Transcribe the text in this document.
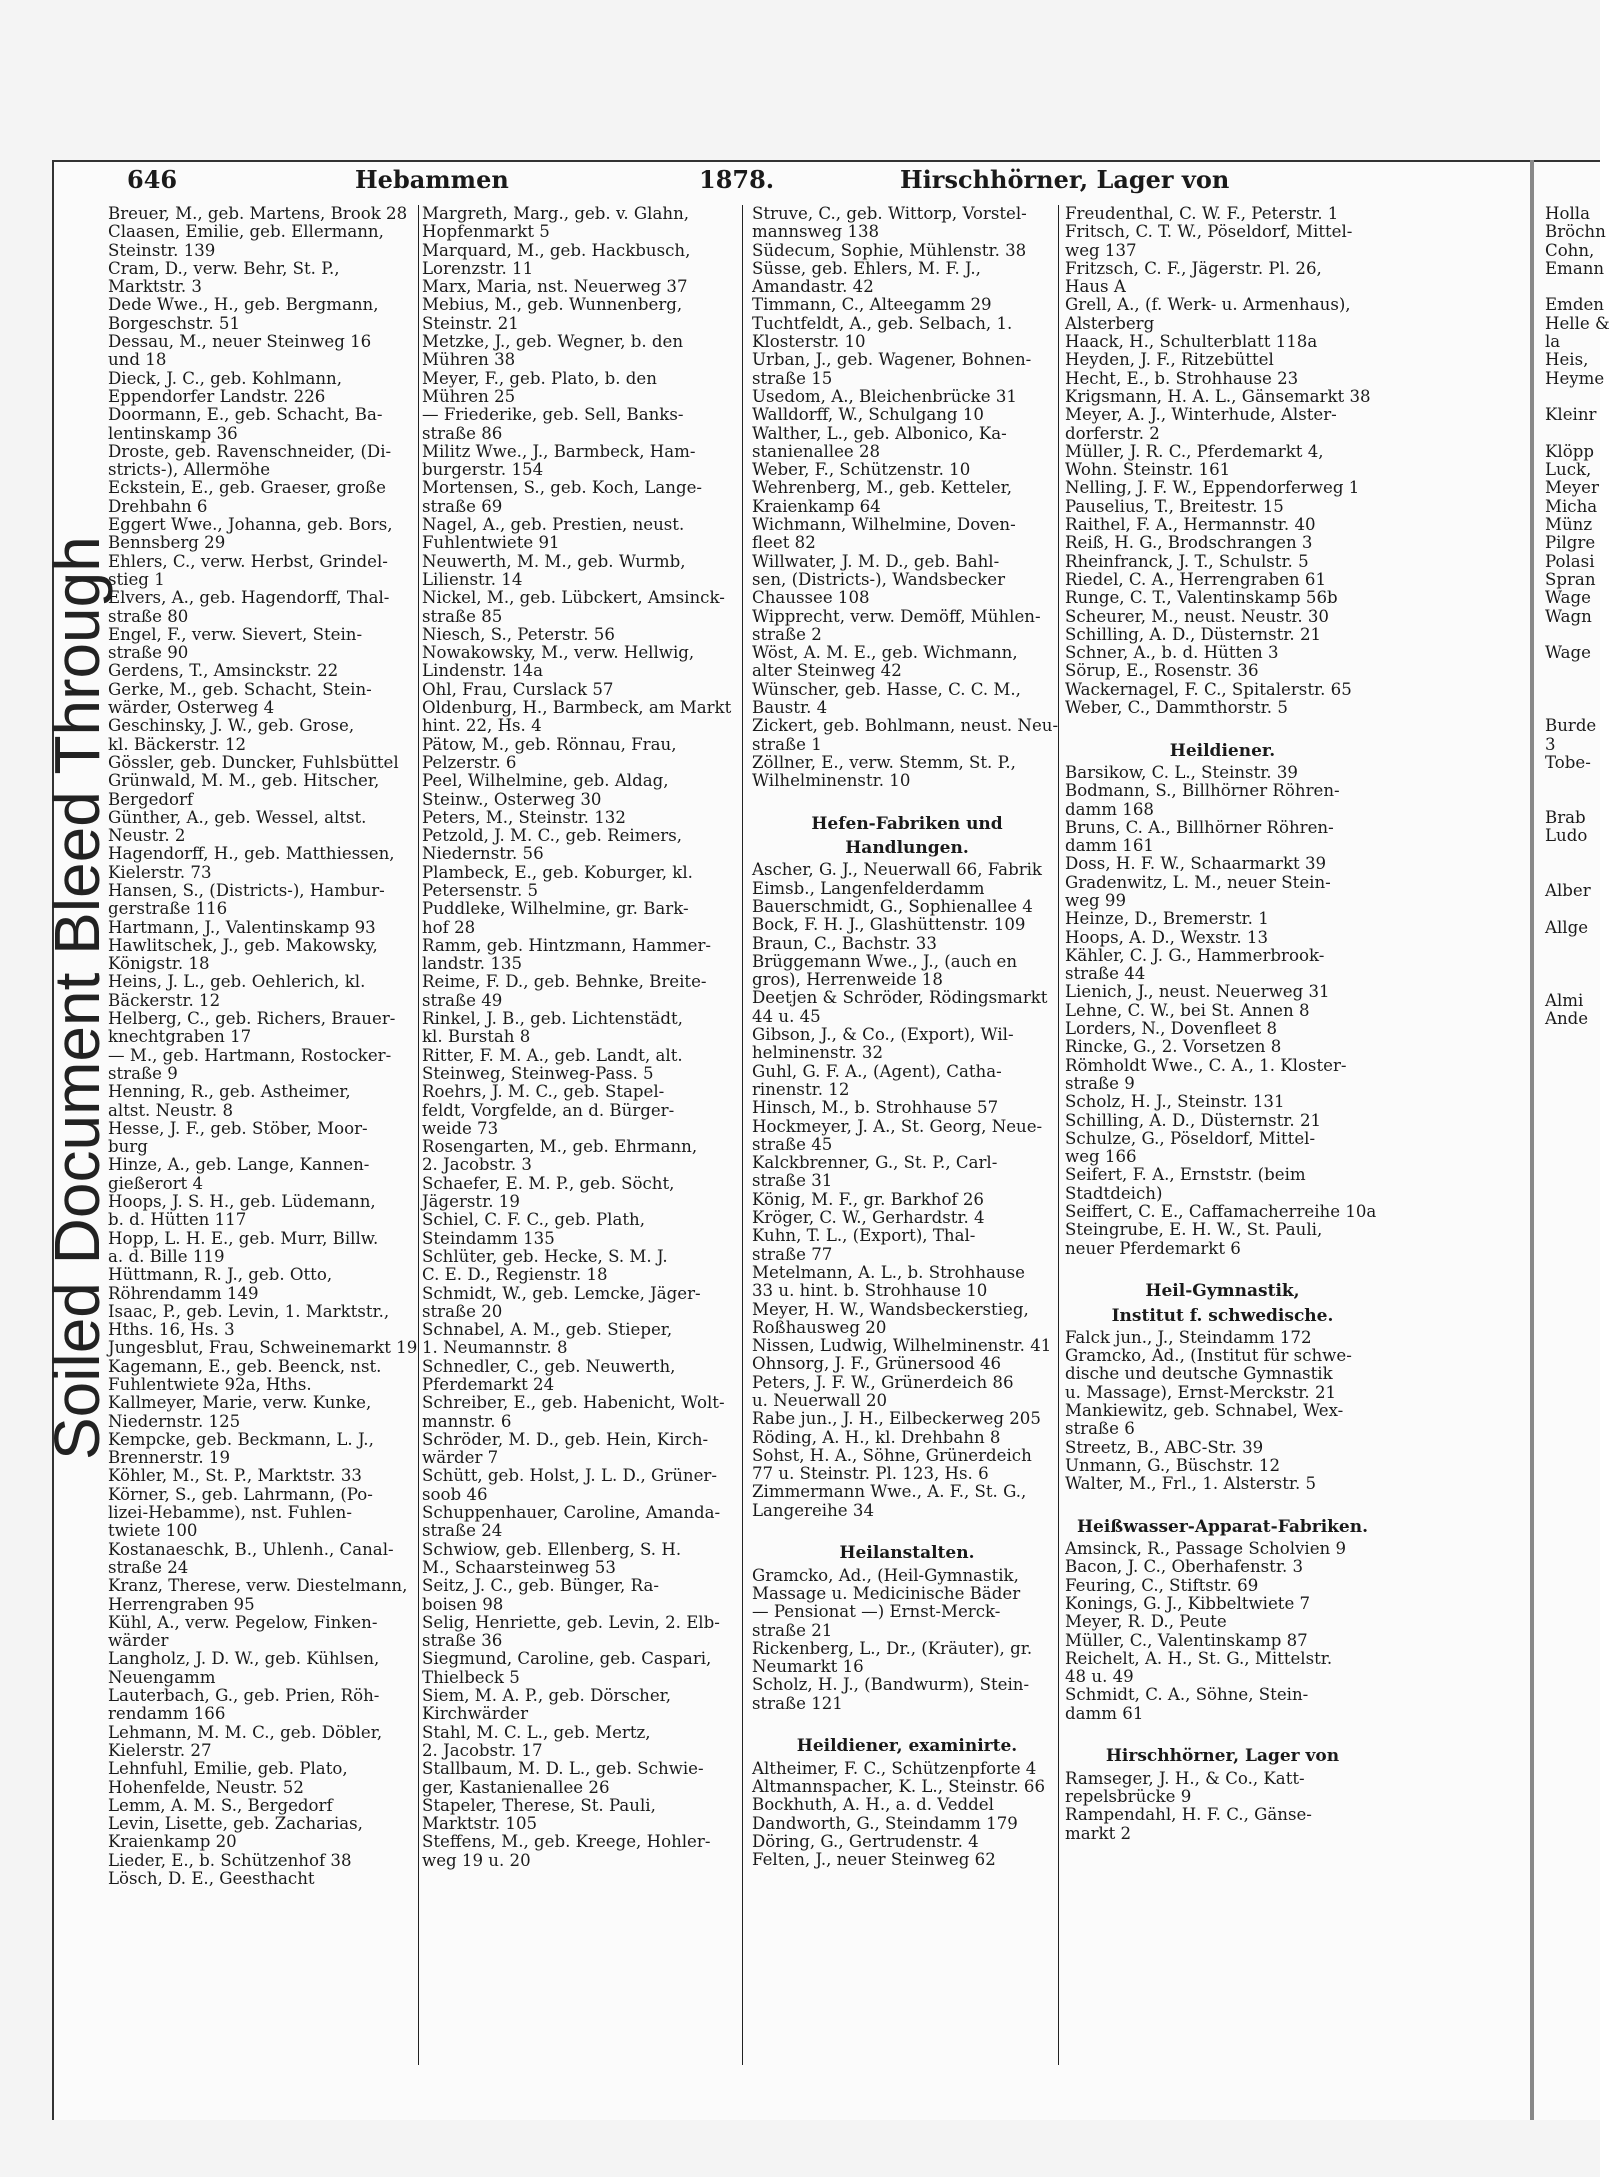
Soiled Document Bleed Through
646	Hebammen	1878.	Hirschhörner, Lager von
Breuer, M., geb. Martens, Brook 28
Claasen, Emilie, geb. Ellermann,
Steinstr. 139
Cram, D., verw. Behr, St. P.,
Marktstr. 3
Dede Wwe., H., geb. Bergmann,
Borgeschstr. 51
Dessau, M., neuer Steinweg 16
und 18
Dieck, J. C., geb. Kohlmann,
Eppendorfer Landstr. 226
Doormann, E., geb. Schacht, Ba-
lentinskamp 36
Droste, geb. Ravenschneider, (Di-
stricts-), Allermöhe
Eckstein, E., geb. Graeser, große
Drehbahn 6
Eggert Wwe., Johanna, geb. Bors,
Bennsberg 29
Ehlers, C., verw. Herbst, Grindel-
stieg 1
Elvers, A., geb. Hagendorff, Thal-
straße 80
Engel, F., verw. Sievert, Stein-
straße 90
Gerdens, T., Amsinckstr. 22
Gerke, M., geb. Schacht, Stein-
wärder, Osterweg 4
Geschinsky, J. W., geb. Grose,
kl. Bäckerstr. 12
Gössler, geb. Duncker, Fuhlsbüttel
Grünwald, M. M., geb. Hitscher,
Bergedorf
Günther, A., geb. Wessel, altst.
Neustr. 2
Hagendorff, H., geb. Matthiessen,
Kielerstr. 73
Hansen, S., (Districts-), Hambur-
gerstraße 116
Hartmann, J., Valentinskamp 93
Hawlitschek, J., geb. Makowsky,
Königstr. 18
Heins, J. L., geb. Oehlerich, kl.
Bäckerstr. 12
Helberg, C., geb. Richers, Brauer-
knechtgraben 17
— M., geb. Hartmann, Rostocker-
straße 9
Henning, R., geb. Astheimer,
altst. Neustr. 8
Hesse, J. F., geb. Stöber, Moor-
burg
Hinze, A., geb. Lange, Kannen-
gießerort 4
Hoops, J. S. H., geb. Lüdemann,
b. d. Hütten 117
Hopp, L. H. E., geb. Murr, Billw.
a. d. Bille 119
Hüttmann, R. J., geb. Otto,
Röhrendamm 149
Isaac, P., geb. Levin, 1. Marktstr.,
Hths. 16, Hs. 3
Jungesblut, Frau, Schweinemarkt 19
Kagemann, E., geb. Beenck, nst.
Fuhlentwiete 92a, Hths.
Kallmeyer, Marie, verw. Kunke,
Niedernstr. 125
Kempcke, geb. Beckmann, L. J.,
Brennerstr. 19
Köhler, M., St. P., Marktstr. 33
Körner, S., geb. Lahrmann, (Po-
lizei-Hebamme), nst. Fuhlen-
twiete 100
Kostanaeschk, B., Uhlenh., Canal-
straße 24
Kranz, Therese, verw. Diestelmann,
Herrengraben 95
Kühl, A., verw. Pegelow, Finken-
wärder
Langholz, J. D. W., geb. Kühlsen,
Neuengamm
Lauterbach, G., geb. Prien, Röh-
rendamm 166
Lehmann, M. M. C., geb. Döbler,
Kielerstr. 27
Lehnfuhl, Emilie, geb. Plato,
Hohenfelde, Neustr. 52
Lemm, A. M. S., Bergedorf
Levin, Lisette, geb. Zacharias,
Kraienkamp 20
Lieder, E., b. Schützenhof 38
Lösch, D. E., Geesthacht
Margreth, Marg., geb. v. Glahn,
Hopfenmarkt 5
Marquard, M., geb. Hackbusch,
Lorenzstr. 11
Marx, Maria, nst. Neuerweg 37
Mebius, M., geb. Wunnenberg,
Steinstr. 21
Metzke, J., geb. Wegner, b. den
Mühren 38
Meyer, F., geb. Plato, b. den
Mühren 25
— Friederike, geb. Sell, Banks-
straße 86
Militz Wwe., J., Barmbeck, Ham-
burgerstr. 154
Mortensen, S., geb. Koch, Lange-
straße 69
Nagel, A., geb. Prestien, neust.
Fuhlentwiete 91
Neuwerth, M. M., geb. Wurmb,
Lilienstr. 14
Nickel, M., geb. Lübckert, Amsinck-
straße 85
Niesch, S., Peterstr. 56
Nowakowsky, M., verw. Hellwig,
Lindenstr. 14a
Ohl, Frau, Curslack 57
Oldenburg, H., Barmbeck, am Markt
hint. 22, Hs. 4
Pätow, M., geb. Rönnau, Frau,
Pelzerstr. 6
Peel, Wilhelmine, geb. Aldag,
Steinw., Osterweg 30
Peters, M., Steinstr. 132
Petzold, J. M. C., geb. Reimers,
Niedernstr. 56
Plambeck, E., geb. Koburger, kl.
Petersenstr. 5
Puddleke, Wilhelmine, gr. Bark-
hof 28
Ramm, geb. Hintzmann, Hammer-
landstr. 135
Reime, F. D., geb. Behnke, Breite-
straße 49
Rinkel, J. B., geb. Lichtenstädt,
kl. Burstah 8
Ritter, F. M. A., geb. Landt, alt.
Steinweg, Steinweg-Pass. 5
Roehrs, J. M. C., geb. Stapel-
feldt, Vorgfelde, an d. Bürger-
weide 73
Rosengarten, M., geb. Ehrmann,
2. Jacobstr. 3
Schaefer, E. M. P., geb. Söcht,
Jägerstr. 19
Schiel, C. F. C., geb. Plath,
Steindamm 135
Schlüter, geb. Hecke, S. M. J.
C. E. D., Regienstr. 18
Schmidt, W., geb. Lemcke, Jäger-
straße 20
Schnabel, A. M., geb. Stieper,
1. Neumannstr. 8
Schnedler, C., geb. Neuwerth,
Pferdemarkt 24
Schreiber, E., geb. Habenicht, Wolt-
mannstr. 6
Schröder, M. D., geb. Hein, Kirch-
wärder 7
Schütt, geb. Holst, J. L. D., Grüner-
soob 46
Schuppenhauer, Caroline, Amanda-
straße 24
Schwiow, geb. Ellenberg, S. H.
M., Schaarsteinweg 53
Seitz, J. C., geb. Bünger, Ra-
boisen 98
Selig, Henriette, geb. Levin, 2. Elb-
straße 36
Siegmund, Caroline, geb. Caspari,
Thielbeck 5
Siem, M. A. P., geb. Dörscher,
Kirchwärder
Stahl, M. C. L., geb. Mertz,
2. Jacobstr. 17
Stallbaum, M. D. L., geb. Schwie-
ger, Kastanienallee 26
Stapeler, Therese, St. Pauli,
Marktstr. 105
Steffens, M., geb. Kreege, Hohler-
weg 19 u. 20
Struve, C., geb. Wittorp, Vorstel-
mannsweg 138
Südecum, Sophie, Mühlenstr. 38
Süsse, geb. Ehlers, M. F. J.,
Amandastr. 42
Timmann, C., Alteegamm 29
Tuchtfeldt, A., geb. Selbach, 1.
Klosterstr. 10
Urban, J., geb. Wagener, Bohnen-
straße 15
Usedom, A., Bleichenbrücke 31
Walldorff, W., Schulgang 10
Walther, L., geb. Albonico, Ka-
stanienallee 28
Weber, F., Schützenstr. 10
Wehrenberg, M., geb. Ketteler,
Kraienkamp 64
Wichmann, Wilhelmine, Doven-
fleet 82
Willwater, J. M. D., geb. Bahl-
sen, (Districts-), Wandsbecker
Chaussee 108
Wipprecht, verw. Demöff, Mühlen-
straße 2
Wöst, A. M. E., geb. Wichmann,
alter Steinweg 42
Wünscher, geb. Hasse, C. C. M.,
Baustr. 4
Zickert, geb. Bohlmann, neust. Neu-
straße 1
Zöllner, E., verw. Stemm, St. P.,
Wilhelminenstr. 10

Hefen-Fabriken und
Handlungen.
Ascher, G. J., Neuerwall 66, Fabrik
Eimsb., Langenfelderdamm
Bauerschmidt, G., Sophienallee 4
Bock, F. H. J., Glashüttenstr. 109
Braun, C., Bachstr. 33
Brüggemann Wwe., J., (auch en
gros), Herrenweide 18
Deetjen & Schröder, Rödingsmarkt
44 u. 45
Gibson, J., & Co., (Export), Wil-
helminenstr. 32
Guhl, G. F. A., (Agent), Catha-
rinenstr. 12
Hinsch, M., b. Strohhause 57
Hockmeyer, J. A., St. Georg, Neue-
straße 45
Kalckbrenner, G., St. P., Carl-
straße 31
König, M. F., gr. Barkhof 26
Kröger, C. W., Gerhardstr. 4
Kuhn, T. L., (Export), Thal-
straße 77
Metelmann, A. L., b. Strohhause
33 u. hint. b. Strohhause 10
Meyer, H. W., Wandsbeckerstieg,
Roßhausweg 20
Nissen, Ludwig, Wilhelminenstr. 41
Ohnsorg, J. F., Grünersood 46
Peters, J. F. W., Grünerdeich 86
u. Neuerwall 20
Rabe jun., J. H., Eilbeckerweg 205
Röding, A. H., kl. Drehbahn 8
Sohst, H. A., Söhne, Grünerdeich
77 u. Steinstr. Pl. 123, Hs. 6
Zimmermann Wwe., A. F., St. G.,
Langereihe 34

Heilanstalten.
Gramcko, Ad., (Heil-Gymnastik,
Massage u. Medicinische Bäder
— Pensionat —) Ernst-Merck-
straße 21
Rickenberg, L., Dr., (Kräuter), gr.
Neumarkt 16
Scholz, H. J., (Bandwurm), Stein-
straße 121

Heildiener, examinirte.
Altheimer, F. C., Schützenpforte 4
Altmannspacher, K. L., Steinstr. 66
Bockhuth, A. H., a. d. Veddel
Dandworth, G., Steindamm 179
Döring, G., Gertrudenstr. 4
Felten, J., neuer Steinweg 62
Freudenthal, C. W. F., Peterstr. 1
Fritsch, C. T. W., Pöseldorf, Mittel-
weg 137
Fritzsch, C. F., Jägerstr. Pl. 26,
Haus A
Grell, A., (f. Werk- u. Armenhaus),
Alsterberg
Haack, H., Schulterblatt 118a
Heyden, J. F., Ritzebüttel
Hecht, E., b. Strohhause 23
Krigsmann, H. A. L., Gänsemarkt 38
Meyer, A. J., Winterhude, Alster-
dorferstr. 2
Müller, J. R. C., Pferdemarkt 4,
Wohn. Steinstr. 161
Nelling, J. F. W., Eppendorferweg 1
Pauselius, T., Breitestr. 15
Raithel, F. A., Hermannstr. 40
Reiß, H. G., Brodschrangen 3
Rheinfranck, J. T., Schulstr. 5
Riedel, C. A., Herrengraben 61
Runge, C. T., Valentinskamp 56b
Scheurer, M., neust. Neustr. 30
Schilling, A. D., Düsternstr. 21
Schner, A., b. d. Hütten 3
Sörup, E., Rosenstr. 36
Wackernagel, F. C., Spitalerstr. 65
Weber, C., Dammthorstr. 5

Heildiener.
Barsikow, C. L., Steinstr. 39
Bodmann, S., Billhörner Röhren-
damm 168
Bruns, C. A., Billhörner Röhren-
damm 161
Doss, H. F. W., Schaarmarkt 39
Gradenwitz, L. M., neuer Stein-
weg 99
Heinze, D., Bremerstr. 1
Hoops, A. D., Wexstr. 13
Kähler, C. J. G., Hammerbrook-
straße 44
Lienich, J., neust. Neuerweg 31
Lehne, C. W., bei St. Annen 8
Lorders, N., Dovenfleet 8
Rincke, G., 2. Vorsetzen 8
Römholdt Wwe., C. A., 1. Kloster-
straße 9
Scholz, H. J., Steinstr. 131
Schilling, A. D., Düsternstr. 21
Schulze, G., Pöseldorf, Mittel-
weg 166
Seifert, F. A., Ernststr. (beim
Stadtdeich)
Seiffert, C. E., Caffamacherreihe 10a
Steingrube, E. H. W., St. Pauli,
neuer Pferdemarkt 6

Heil-Gymnastik,
Institut f. schwedische.
Falck jun., J., Steindamm 172
Gramcko, Ad., (Institut für schwe-
dische und deutsche Gymnastik
u. Massage), Ernst-Merckstr. 21
Mankiewitz, geb. Schnabel, Wex-
straße 6
Streetz, B., ABC-Str. 39
Unmann, G., Büschstr. 12
Walter, M., Frl., 1. Alsterstr. 5

Heißwasser-Apparat-Fabriken.
Amsinck, R., Passage Scholvien 9
Bacon, J. C., Oberhafenstr. 3
Feuring, C., Stiftstr. 69
Konings, G. J., Kibbeltwiete 7
Meyer, R. D., Peute
Müller, C., Valentinskamp 87
Reichelt, A. H., St. G., Mittelstr.
48 u. 49
Schmidt, C. A., Söhne, Stein-
damm 61

Hirschhörner, Lager von
Ramseger, J. H., & Co., Katt-
repelsbrücke 9
Rampendahl, H. F. C., Gänse-
markt 2
Holla
Bröchn
Cohn,
Emann

Emden
Helle &
la
Heis,
Heyme

Kleinr

Klöpp
Luck,
Meyer
Micha
Münz
Pilgre
Polasi
Spran
Wage
Wagn

Wage

Burde
3
Tobe-

Brab
Ludo

Alber

Allge

Almi
Ande
